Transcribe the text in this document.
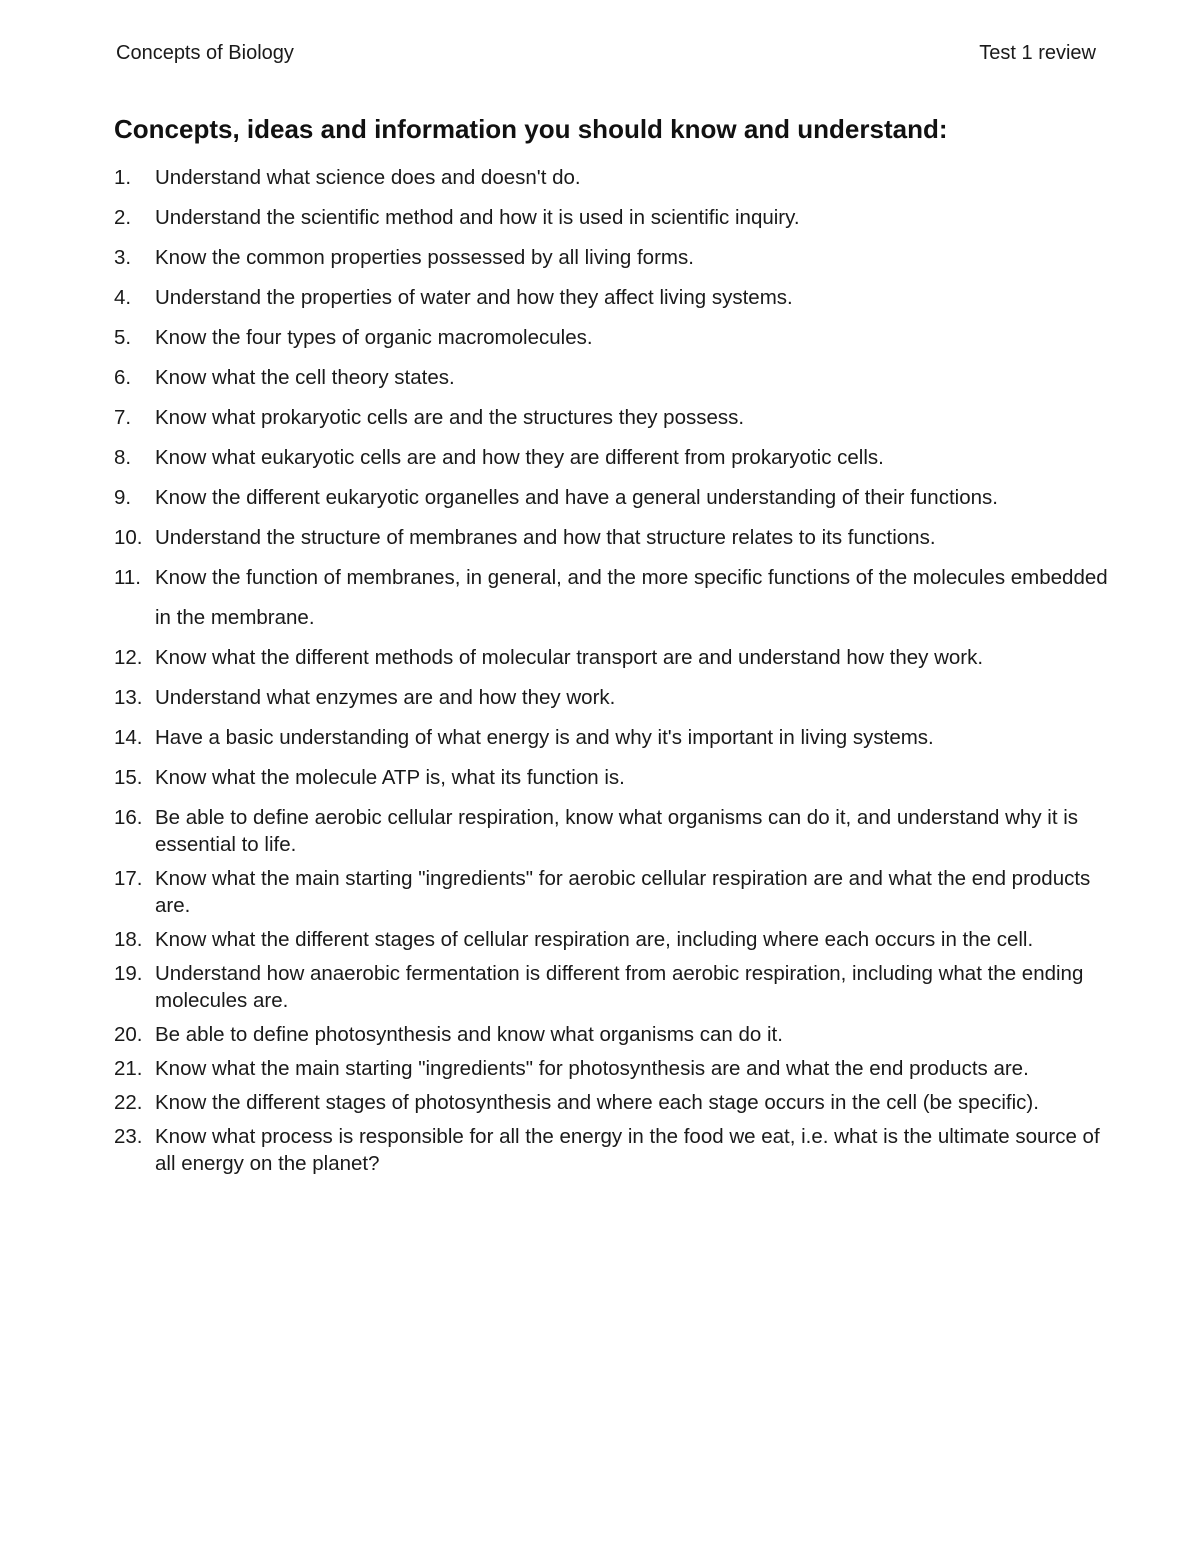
Concepts of Biology	Test 1 review
Concepts, ideas and information you should know and understand:
1.	Understand what science does and doesn't do.
2.	Understand the scientific method and how it is used in scientific inquiry.
3.	Know the common properties possessed by all living forms.
4.	Understand the properties of water and how they affect living systems.
5.	Know the four types of organic macromolecules.
6.	Know what the cell theory states.
7.	Know what prokaryotic cells are and the structures they possess.
8.	Know what eukaryotic cells are and how they are different from prokaryotic cells.
9.	Know the different eukaryotic organelles and have a general understanding of their functions.
10. Understand the structure of membranes and how that structure relates to its functions.
11. Know the function of membranes, in general, and the more specific functions of the molecules embedded in the membrane.
12. Know what the different methods of molecular transport are and understand how they work.
13. Understand what enzymes are and how they work.
14. Have a basic understanding of what energy is and why it's important in living systems.
15. Know what the molecule ATP is, what its function is.
16. Be able to define aerobic cellular respiration, know what organisms can do it, and understand why it is essential to life.
17. Know what the main starting "ingredients" for aerobic cellular respiration are and what the end products are.
18. Know what the different stages of cellular respiration are, including where each occurs in the cell.
19. Understand how anaerobic fermentation is different from aerobic respiration, including what the ending molecules are.
20. Be able to define photosynthesis and know what organisms can do it.
21. Know what the main starting "ingredients" for photosynthesis are and what the end products are.
22. Know the different stages of photosynthesis and where each stage occurs in the cell (be specific).
23. Know what process is responsible for all the energy in the food we eat, i.e. what is the ultimate source of all energy on the planet?
